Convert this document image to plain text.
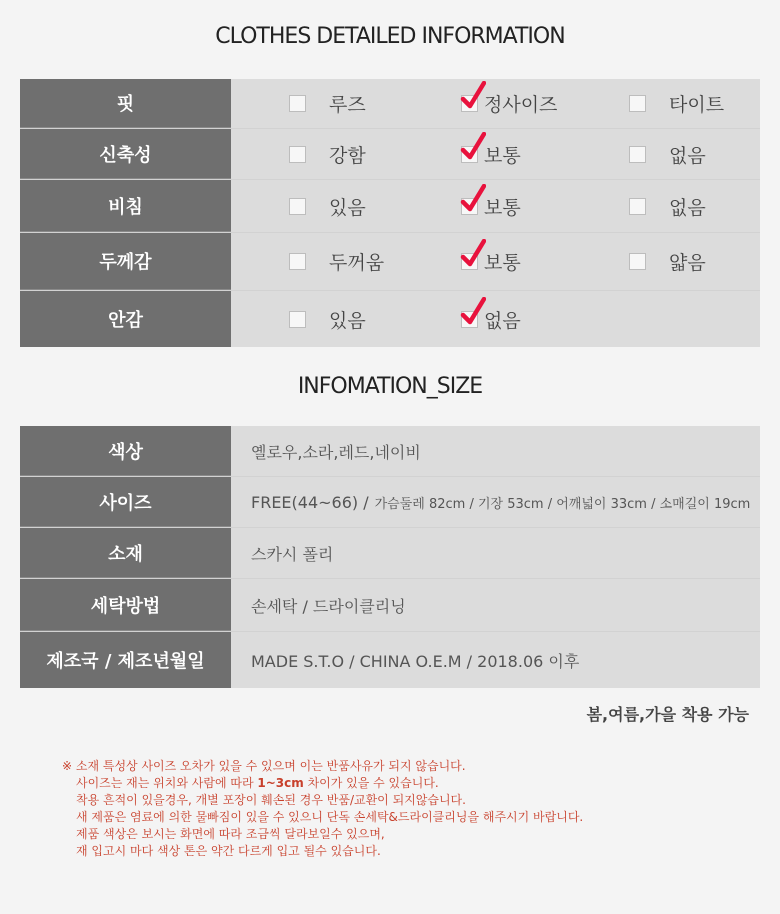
CLOTHES DETAILED INFORMATION
핏	루즈	정사이즈	타이트
신축성	강함	보통	없음
비침	있음	보통	없음
두께감	두꺼움	보통	얇음
안감	있음	없음
INFOMATION_SIZE
색상	옐로우,소라,레드,네이비
사이즈	FREE(44~66) / 가슴둘레 82cm / 기장 53cm / 어깨넓이 33cm / 소매길이 19cm
소재	스카시 폴리
세탁방법	손세탁 / 드라이클리닝
제조국 / 제조년월일	MADE S.T.O / CHINA O.E.M / 2018.06 이후
봄,여름,가을 착용 가능
※ 소재 특성상 사이즈 오차가 있을 수 있으며 이는 반품사유가 되지 않습니다.
사이즈는 재는 위치와 사람에 따라 1~3cm 차이가 있을 수 있습니다.
착용 흔적이 있을경우, 개별 포장이 훼손된 경우 반품/교환이 되지않습니다.
새 제품은 염료에 의한 물빠짐이 있을 수 있으니 단독 손세탁&드라이클리닝을 해주시기 바랍니다.
제품 색상은 보시는 화면에 따라 조금씩 달라보일수 있으며,
재 입고시 마다 색상 톤은 약간 다르게 입고 될수 있습니다.
